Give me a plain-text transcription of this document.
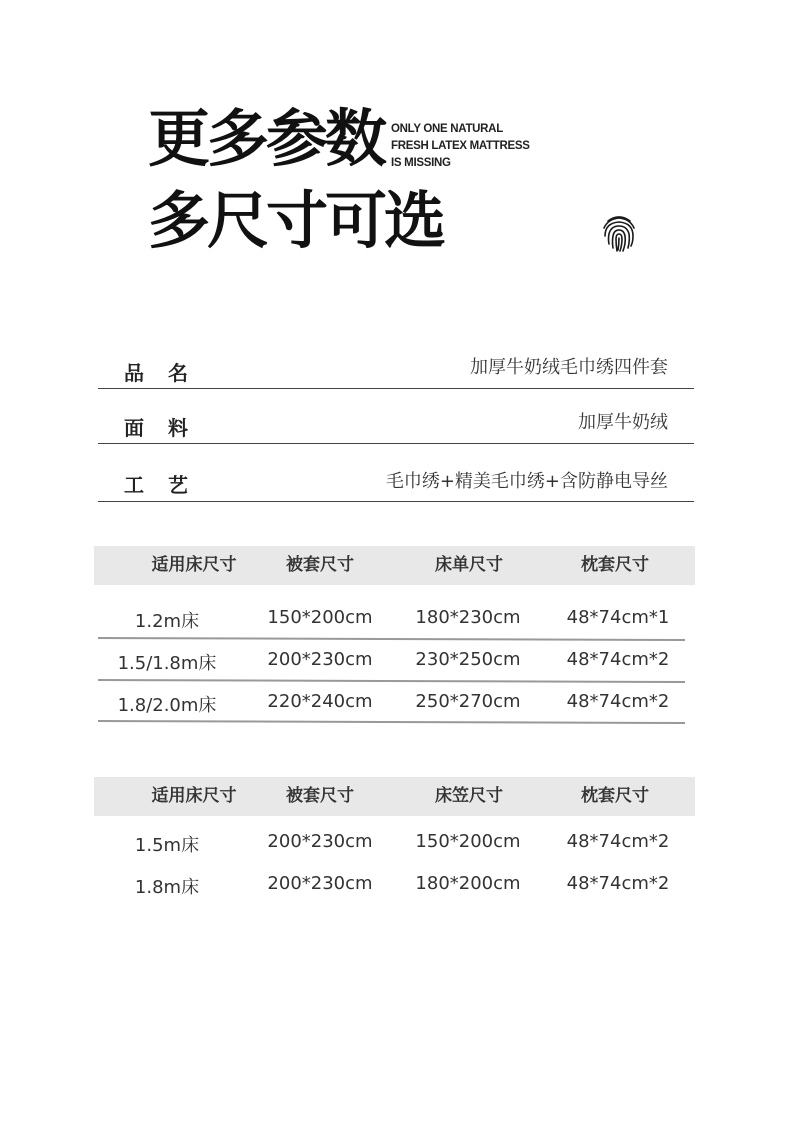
更多参数
多尺寸可选
ONLY ONE NATURAL
FRESH LATEX MATTRESS
IS MISSING
品名	加厚牛奶绒毛巾绣四件套
面料	加厚牛奶绒
工艺	毛巾绣+精美毛巾绣+含防静电导丝
适用床尺寸	被套尺寸	床单尺寸	枕套尺寸
1.2m床	150*200cm	180*230cm	48*74cm*1
1.5/1.8m床	200*230cm	230*250cm	48*74cm*2
1.8/2.0m床	220*240cm	250*270cm	48*74cm*2
适用床尺寸	被套尺寸	床笠尺寸	枕套尺寸
1.5m床	200*230cm	150*200cm	48*74cm*2
1.8m床	200*230cm	180*200cm	48*74cm*2
